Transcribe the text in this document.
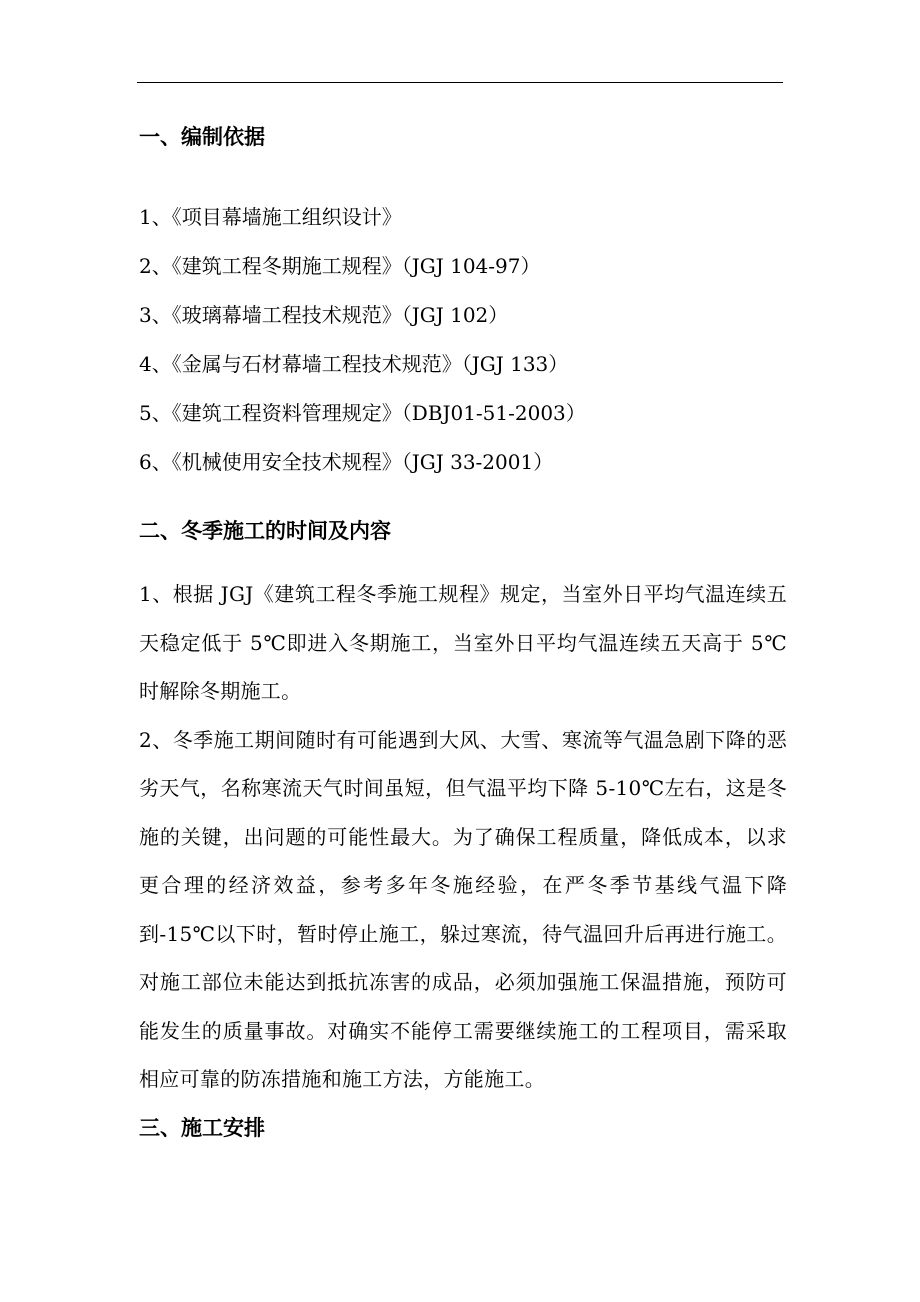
一、编制依据
1、《项目幕墙施工组织设计》
2、《建筑工程冬期施工规程》（JGJ 104-97）
3、《玻璃幕墙工程技术规范》（JGJ 102）
4、《金属与石材幕墙工程技术规范》（JGJ 133）
5、《建筑工程资料管理规定》（DBJ01-51-2003）
6、《机械使用安全技术规程》（JGJ 33-2001）
二、冬季施工的时间及内容

1、根据 JGJ《建筑工程冬季施工规程》规定，当室外日平均气温连续五天稳定低于 5℃即进入冬期施工，当室外日平均气温连续五天高于 5℃时解除冬期施工。

2、冬季施工期间随时有可能遇到大风、大雪、寒流等气温急剧下降的恶劣天气，名称寒流天气时间虽短，但气温平均下降 5-10℃左右，这是冬施的关键，出问题的可能性最大。为了确保工程质量，降低成本，以求更合理的经济效益，参考多年冬施经验，在严冬季节基线气温下降到-15℃以下时，暂时停止施工，躲过寒流，待气温回升后再进行施工。对施工部位未能达到抵抗冻害的成品，必须加强施工保温措施，预防可能发生的质量事故。对确实不能停工需要继续施工的工程项目，需采取相应可靠的防冻措施和施工方法，方能施工。

三、施工安排
